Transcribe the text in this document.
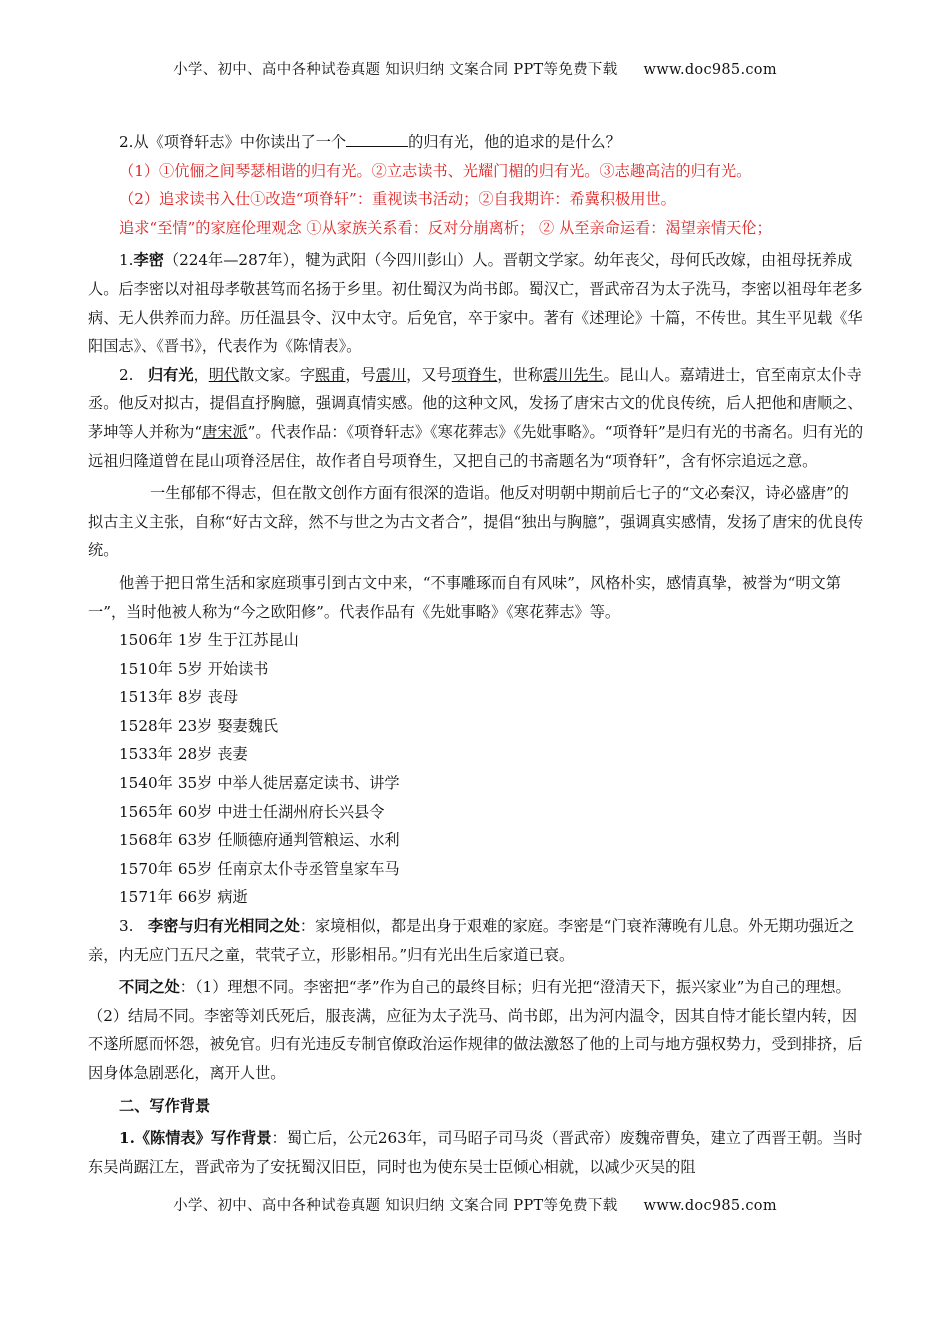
小学、初中、高中各种试卷真题 知识归纳 文案合同 PPT等免费下载 www.doc985.com

2.从《项脊轩志》中你读出了一个	的归有光，他的追求的是什么？

（1）①伉俪之间琴瑟相谐的归有光。②立志读书、光耀门楣的归有光。③志趣高洁的归有光。

（2）追求读书入仕①改造“项脊轩”：重视读书活动；②自我期许：希冀积极用世。

追求“至情”的家庭伦理观念 ①从家族关系看：反对分崩离析； ② 从至亲命运看：渴望亲情天伦；

1.李密（224年—287年），犍为武阳（今四川彭山）人。晋朝文学家。幼年丧父，母何氏改嫁，由祖母抚养成人。后李密以对祖母孝敬甚笃而名扬于乡里。初仕蜀汉为尚书郎。蜀汉亡，晋武帝召为太子洗马，李密以祖母年老多病、无人供养而力辞。历任温县令、汉中太守。后免官，卒于家中。著有《述理论》十篇，不传世。其生平见载《华阳国志》、《晋书》，代表作为《陈情表》。

2. 归有光，明代散文家。字熙甫，号震川，又号项脊生，世称震川先生。昆山人。嘉靖进士，官至南京太仆寺丞。他反对拟古，提倡直抒胸臆，强调真情实感。他的这种文风，发扬了唐宋古文的优良传统，后人把他和唐顺之、茅坤等人并称为“唐宋派”。代表作品：《项脊轩志》《寒花葬志》《先妣事略》。“项脊轩”是归有光的书斋名。归有光的远祖归隆道曾在昆山项脊泾居住，故作者自号项脊生，又把自己的书斋题名为“项脊轩”，含有怀宗追远之意。

一生郁郁不得志，但在散文创作方面有很深的造诣。他反对明朝中期前后七子的“文必秦汉，诗必盛唐”的拟古主义主张，自称“好古文辞，然不与世之为古文者合”，提倡“独出与胸臆”，强调真实感情，发扬了唐宋的优良传统。

他善于把日常生活和家庭琐事引到古文中来，“不事雕琢而自有风味”，风格朴实，感情真挚，被誉为“明文第一”，当时他被人称为“今之欧阳修”。代表作品有《先妣事略》《寒花葬志》等。

1506年 1岁 生于江苏昆山

1510年 5岁 开始读书

1513年 8岁 丧母

1528年 23岁 娶妻魏氏

1533年 28岁 丧妻

1540年 35岁 中举人徙居嘉定读书、讲学

1565年 60岁 中进士任湖州府长兴县令

1568年 63岁 任顺德府通判管粮运、水利

1570年 65岁 任南京太仆寺丞管皇家车马

1571年 66岁 病逝

3. 李密与归有光相同之处：家境相似，都是出身于艰难的家庭。李密是“门衰祚薄晚有儿息。外无期功强近之亲，内无应门五尺之童，茕茕孑立，形影相吊。”归有光出生后家道已衰。

不同之处：（1）理想不同。李密把“孝”作为自己的最终目标；归有光把“澄清天下，振兴家业”为自己的理想。（2）结局不同。李密等刘氏死后，服丧满，应征为太子洗马、尚书郎，出为河内温令，因其自恃才能长望内转，因不遂所愿而怀怨，被免官。归有光违反专制官僚政治运作规律的做法激怒了他的上司与地方强权势力，受到排挤，后因身体急剧恶化，离开人世。

二、写作背景

1.《陈情表》写作背景：蜀亡后，公元263年，司马昭子司马炎（晋武帝）废魏帝曹奂，建立了西晋王朝。当时东吴尚踞江左，晋武帝为了安抚蜀汉旧臣，同时也为使东吴士臣倾心相就，以减少灭吴的阻

小学、初中、高中各种试卷真题 知识归纳 文案合同 PPT等免费下载 www.doc985.com
